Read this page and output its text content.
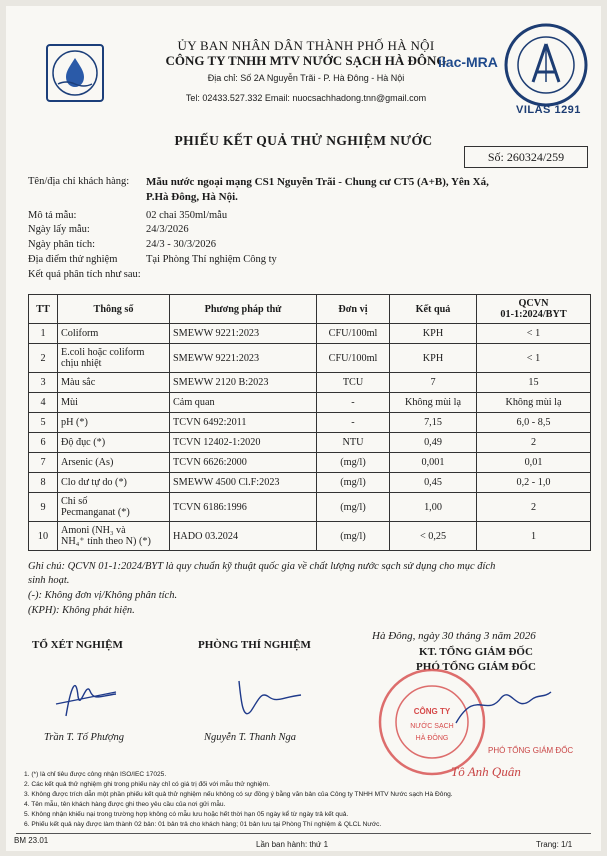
ỦY BAN NHÂN DÂN THÀNH PHỐ HÀ NỘI
CÔNG TY TNHH MTV NƯỚC SẠCH HÀ ĐÔNG
Địa chỉ: Số 2A Nguyễn Trãi - P. Hà Đông - Hà Nội
Tel: 02433.527.332 Email: nuocsachhadong.tnn@gmail.com
ilac-MRA
VILAS 1291
PHIẾU KẾT QUẢ THỬ NGHIỆM NƯỚC
Số: 260324/259
Tên/địa chỉ khách hàng: Mẫu nước ngoại mạng CS1 Nguyễn Trãi - Chung cư CT5 (A+B), Yên Xá,
P.Hà Đông, Hà Nội.
Mô tả mẫu:	02 chai 350ml/mẫu
Ngày lấy mẫu:	24/3/2026
Ngày phân tích:	24/3 - 30/3/2026
Địa điểm thử nghiệm	Tại Phòng Thí nghiệm Công ty
Kết quả phân tích như sau:
TT	Thông số	Phương pháp thử	Đơn vị	Kết quả	QCVN
01-1:2024/BYT
1	Coliform	SMEWW 9221:2023	CFU/100ml	KPH	< 1
2	E.coli hoặc coliform
chịu nhiệt	SMEWW 9221:2023	CFU/100ml	KPH	< 1
3	Màu sắc	SMEWW 2120 B:2023	TCU	7	15
4	Mùi	Cảm quan	-	Không mùi lạ	Không mùi lạ
5	pH (*)	TCVN 6492:2011	-	7,15	6,0 - 8,5
6	Độ đục (*)	TCVN 12402-1:2020	NTU	0,49	2
7	Arsenic (As)	TCVN 6626:2000	(mg/l)	0,001	0,01
8	Clo dư tự do (*)	SMEWW 4500 Cl.F:2023	(mg/l)	0,45	0,2 - 1,0
9	Chỉ số
Pecmanganat (*)	TCVN 6186:1996	(mg/l)	1,00	2
10	Amoni (NH₃ và
NH₄⁺ tính theo N) (*)	HADO 03.2024	(mg/l)	< 0,25	1
Ghi chú: QCVN 01-1:2024/BYT là quy chuẩn kỹ thuật quốc gia về chất lượng nước sạch sử dụng cho mục đích
sinh hoạt.
(-): Không đơn vị/Không phân tích.
(KPH): Không phát hiện.
Hà Đông, ngày 30 tháng 3 năm 2026
KT. TỔNG GIÁM ĐỐC
PHÓ TỔNG GIÁM ĐỐC
TỔ XÉT NGHIỆM	PHÒNG THÍ NGHIỆM
CÔNG TY
NƯỚC SẠCH
HÀ ĐÔNG
PHÓ TỔNG GIÁM ĐỐC
Tô Anh Quân
Trần T. Tố Phượng	Nguyễn T. Thanh Nga
1. (*) là chỉ tiêu được công nhận ISO/IEC 17025.
2. Các kết quả thử nghiệm ghi trong phiếu này chỉ có giá trị đối với mẫu thử nghiệm.
3. Không được trích dẫn một phần phiếu kết quả thử nghiệm nếu không có sự đồng ý bằng văn bản của Công ty TNHH MTV Nước sạch Hà Đông.
4. Tên mẫu, tên khách hàng được ghi theo yêu cầu của nơi gửi mẫu.
5. Không nhận khiếu nại trong trường hợp không có mẫu lưu hoặc hết thời hạn 05 ngày kể từ ngày trả kết quả.
6. Phiếu kết quả này được làm thành 02 bản: 01 bản trả cho khách hàng; 01 bản lưu tại Phòng Thí nghiệm & QLCL Nước.
BM 23.01	Lần ban hành: thứ 1	Trang: 1/1
